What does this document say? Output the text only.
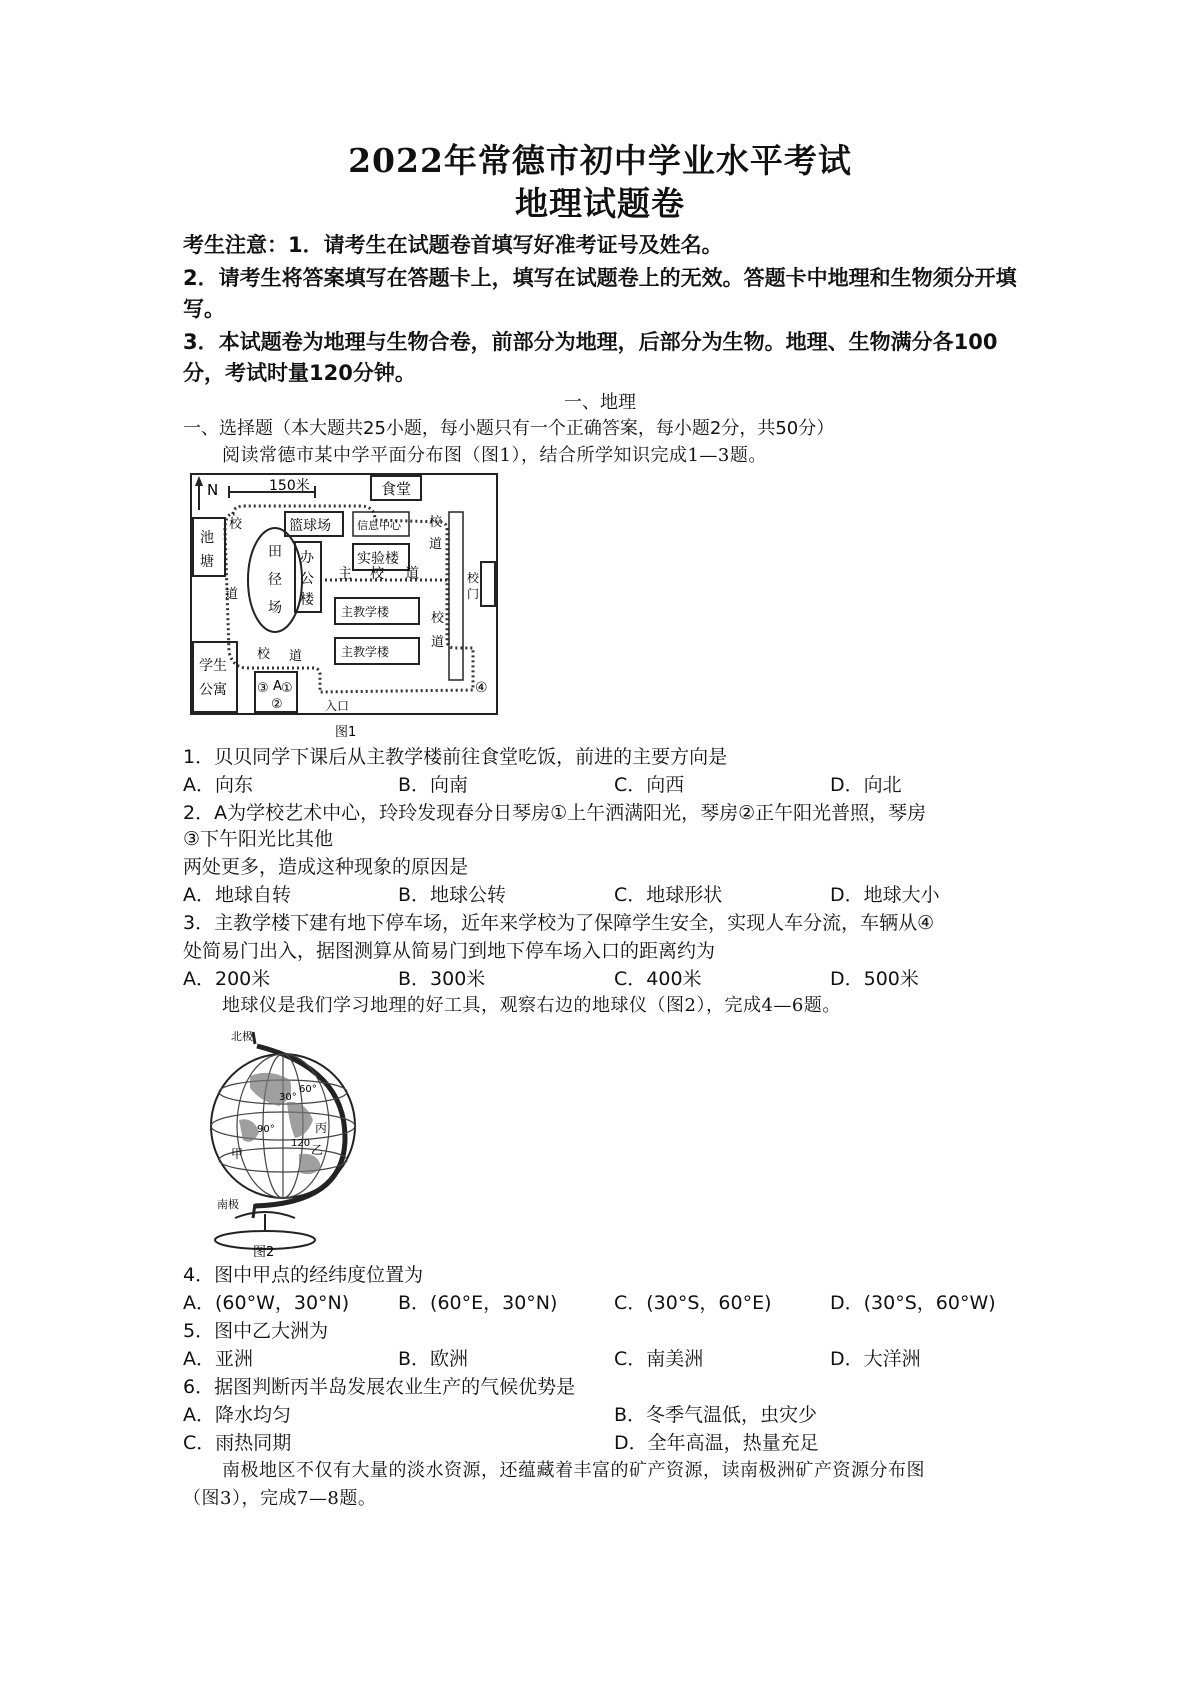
2022年常德市初中学业水平考试
地理试题卷
考生注意：1．请考生在试题卷首填写好准考证号及姓名。
2．请考生将答案填写在答题卡上，填写在试题卷上的无效。答题卡中地理和生物须分开填写。
3．本试题卷为地理与生物合卷，前部分为地理，后部分为生物。地理、生物满分各100分，考试时量120分钟。
一、地理
一、选择题（本大题共25小题，每小题只有一个正确答案，每小题2分，共50分）
阅读常德市某中学平面分布图（图1），结合所学知识完成1—3题。
N	150米	食堂
田
径
场
池
塘
篮球场 信息中心
实验楼
办
公
楼
主 校 道
校
道
校 道
校
道
校
道
校
门
主教学楼
主教学楼
学生
公寓 ③ A ①
②	入口
④
图1
1．贝贝同学下课后从主教学楼前往食堂吃饭，前进的主要方向是
A．向东	B．向南	C．向西	D．向北
2．A为学校艺术中心，玲玲发现春分日琴房①上午洒满阳光，琴房②正午阳光普照，琴房
③下午阳光比其他
两处更多，造成这种现象的原因是
A．地球自转	B．地球公转	C．地球形状	D．地球大小
3．主教学楼下建有地下停车场，近年来学校为了保障学生安全，实现人车分流，车辆从④
处简易门出入，据图测算从简易门到地下停车场入口的距离约为
A．200米	B．300米	C．400米	D．500米
地球仪是我们学习地理的好工具，观察右边的地球仪（图2），完成4—6题。
北极
南极
30°
60°
90°
120
甲	乙
丙
图2
4．图中甲点的经纬度位置为
A．(60°W，30°N)	B．(60°E，30°N)	C．(30°S，60°E)	D．(30°S，60°W)
5．图中乙大洲为
A．亚洲	B．欧洲	C．南美洲	D．大洋洲
6．据图判断丙半岛发展农业生产的气候优势是
A．降水均匀	B．冬季气温低，虫灾少
C．雨热同期	D．全年高温，热量充足
南极地区不仅有大量的淡水资源，还蕴藏着丰富的矿产资源，读南极洲矿产资源分布图
（图3），完成7—8题。
